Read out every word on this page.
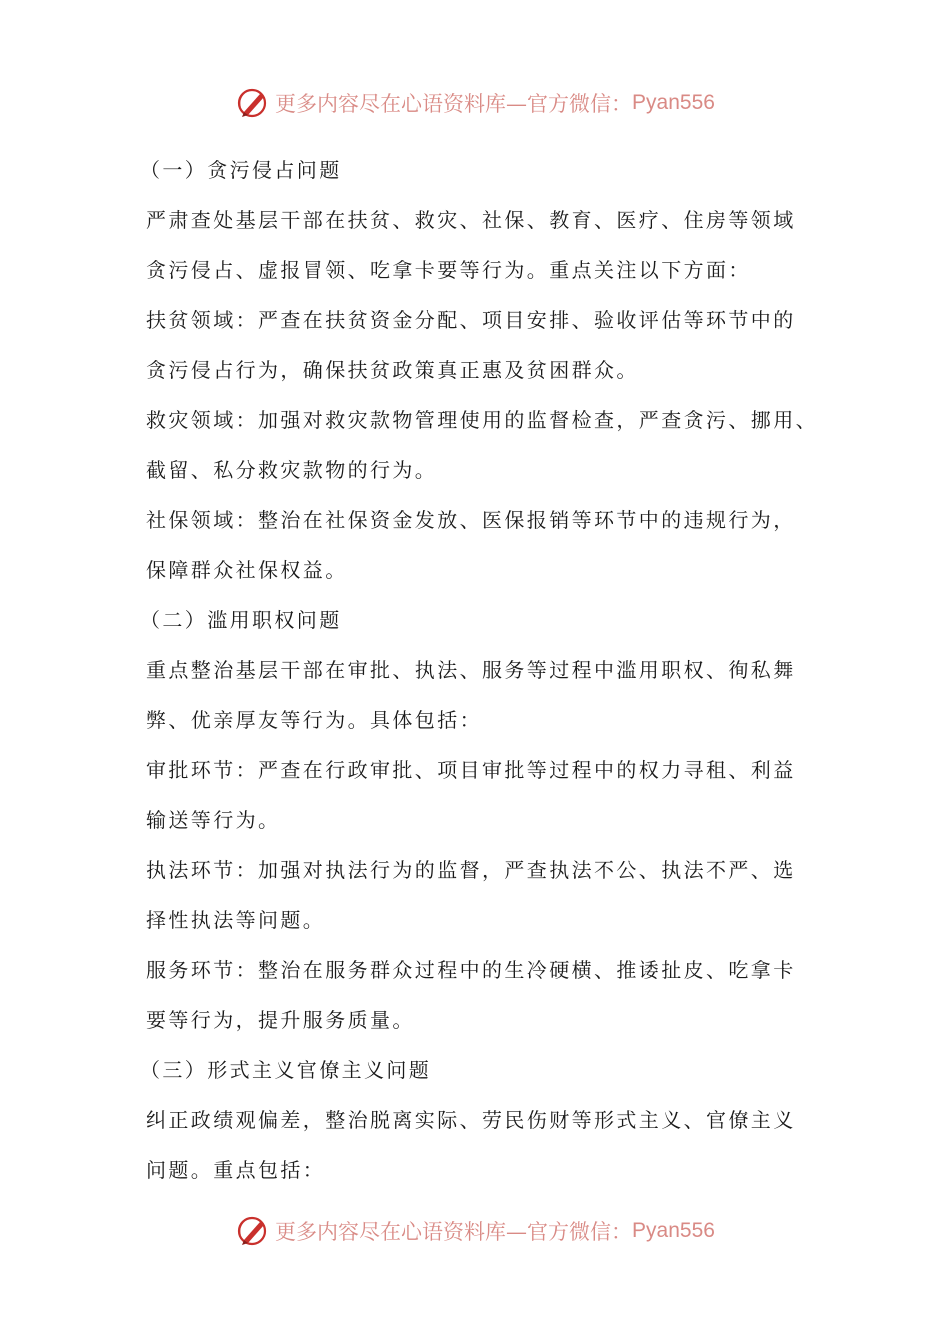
更多内容尽在心语资料库—官方微信： Pyan556
（一）贪污侵占问题
严肃查处基层干部在扶贫、救灾、社保、教育、医疗、住房等领域
贪污侵占、虚报冒领、吃拿卡要等行为。重点关注以下方面：
扶贫领域：严查在扶贫资金分配、项目安排、验收评估等环节中的
贪污侵占行为，确保扶贫政策真正惠及贫困群众。
救灾领域：加强对救灾款物管理使用的监督检查，严查贪污、挪用、
截留、私分救灾款物的行为。
社保领域：整治在社保资金发放、医保报销等环节中的违规行为，
保障群众社保权益。
（二）滥用职权问题
重点整治基层干部在审批、执法、服务等过程中滥用职权、徇私舞
弊、优亲厚友等行为。具体包括：
审批环节：严查在行政审批、项目审批等过程中的权力寻租、利益
输送等行为。
执法环节：加强对执法行为的监督，严查执法不公、执法不严、选
择性执法等问题。
服务环节：整治在服务群众过程中的生冷硬横、推诿扯皮、吃拿卡
要等行为，提升服务质量。
（三）形式主义官僚主义问题
纠正政绩观偏差，整治脱离实际、劳民伤财等形式主义、官僚主义
问题。重点包括：
更多内容尽在心语资料库—官方微信： Pyan556
